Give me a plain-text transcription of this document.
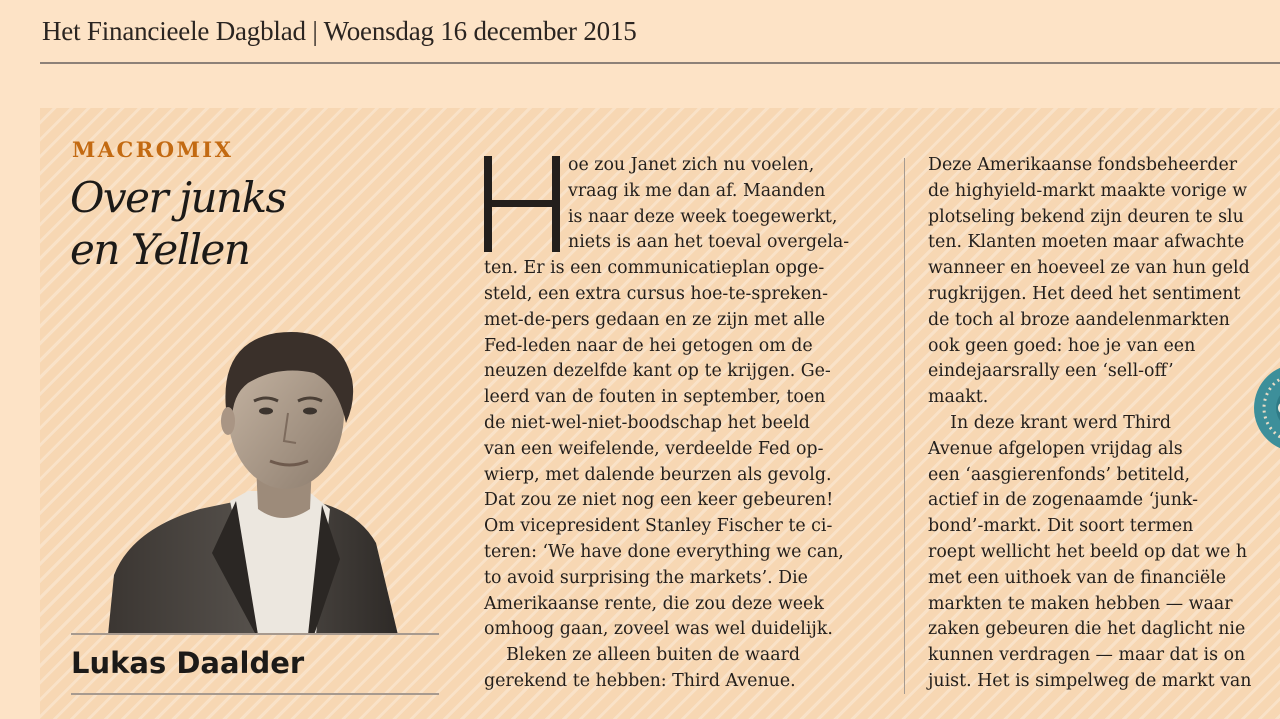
Het Financieele Dagblad | Woensdag 16 december 2015
MACROMIX
Over junks
en Yellen
Lukas Daalder
oe zou Janet zich nu voelen,
vraag ik me dan af. Maanden
is naar deze week toegewerkt,
niets is aan het toeval overgela-
ten. Er is een communicatieplan opge-
steld, een extra cursus hoe-te-spreken-
met-de-pers gedaan en ze zijn met alle
Fed-leden naar de hei getogen om de
neuzen dezelfde kant op te krijgen. Ge-
leerd van de fouten in september, toen
de niet-wel-niet-boodschap het beeld
van een weifelende, verdeelde Fed op-
wierp, met dalende beurzen als gevolg.
Dat zou ze niet nog een keer gebeuren!
Om vicepresident Stanley Fischer te ci-
teren: ‘We have done everything we can,
to avoid surprising the markets’. Die
Amerikaanse rente, die zou deze week
omhoog gaan, zoveel was wel duidelijk.
Bleken ze alleen buiten de waard
gerekend te hebben: Third Avenue.
Deze Amerikaanse fondsbeheerder
de highyield-markt maakte vorige w
plotseling bekend zijn deuren te slu
ten. Klanten moeten maar afwachte
wanneer en hoeveel ze van hun geld
rugkrijgen. Het deed het sentiment
de toch al broze aandelenmarkten
ook geen goed: hoe je van een
eindejaarsrally een ‘sell-off’
maakt.
In deze krant werd Third
Avenue afgelopen vrijdag als
een ‘aasgierenfonds’ betiteld,
actief in de zogenaamde ‘junk-
bond’-markt. Dit soort termen
roept wellicht het beeld op dat we h
met een uithoek van de financiële
markten te maken hebben — waar
zaken gebeuren die het daglicht nie
kunnen verdragen — maar dat is on
juist. Het is simpelweg de markt van
